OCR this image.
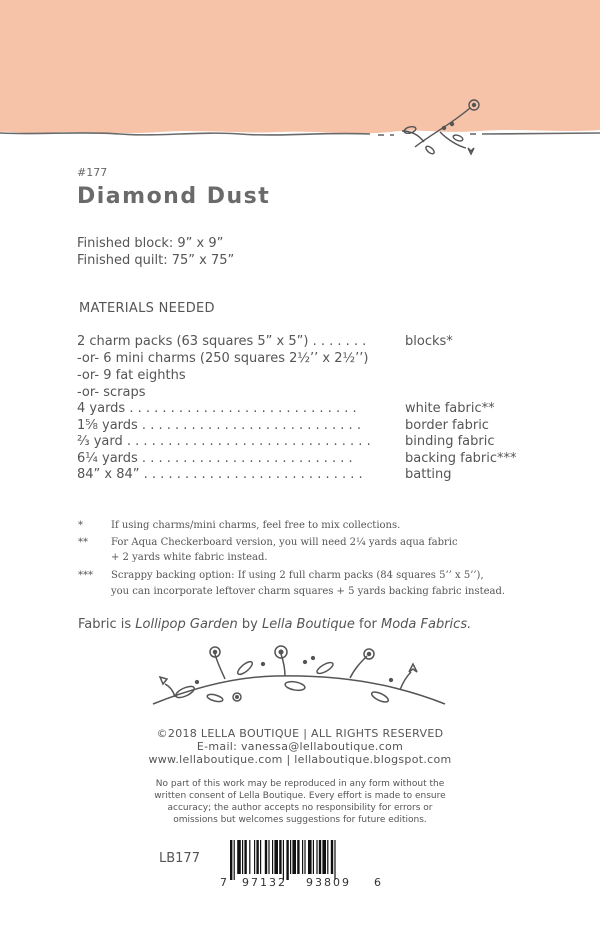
#177
Diamond Dust
Finished block: 9” x 9”
Finished quilt: 75” x 75”
MATERIALS NEEDED
2 charm packs (63 squares 5” x 5”) . . . . . . .	blocks*
-or- 6 mini charms (250 squares 2½’’ x 2½’’)
-or- 9 fat eighths
-or- scraps
4 yards . . . . . . . . . . . . . . . . . . . . . . . . . . . .	white fabric**
1⅝ yards . . . . . . . . . . . . . . . . . . . . . . . . . . .	border fabric
⅔ yard . . . . . . . . . . . . . . . . . . . . . . . . . . . . . .	binding fabric
6¼ yards . . . . . . . . . . . . . . . . . . . . . . . . . .	backing fabric***
84” x 84” . . . . . . . . . . . . . . . . . . . . . . . . . . .	batting
*	If using charms/mini charms, feel free to mix collections.
** For Aqua Checkerboard version, you will need 2¼ yards aqua fabric
+ 2 yards white fabric instead.
*** Scrappy backing option: If using 2 full charm packs (84 squares 5’’ x 5’’),
you can incorporate leftover charm squares + 5 yards backing fabric instead.
Fabric is Lollipop Garden by Lella Boutique for Moda Fabrics.
©2018 LELLA BOUTIQUE | ALL RIGHTS RESERVED
E-mail: vanessa@lellaboutique.com
www.lellaboutique.com | lellaboutique.blogspot.com
No part of this work may be reproduced in any form without the
written consent of Lella Boutique. Every effort is made to ensure
accuracy; the author accepts no responsibility for errors or
omissions but welcomes suggestions for future editions.
LB177
7 97132 93809 6
